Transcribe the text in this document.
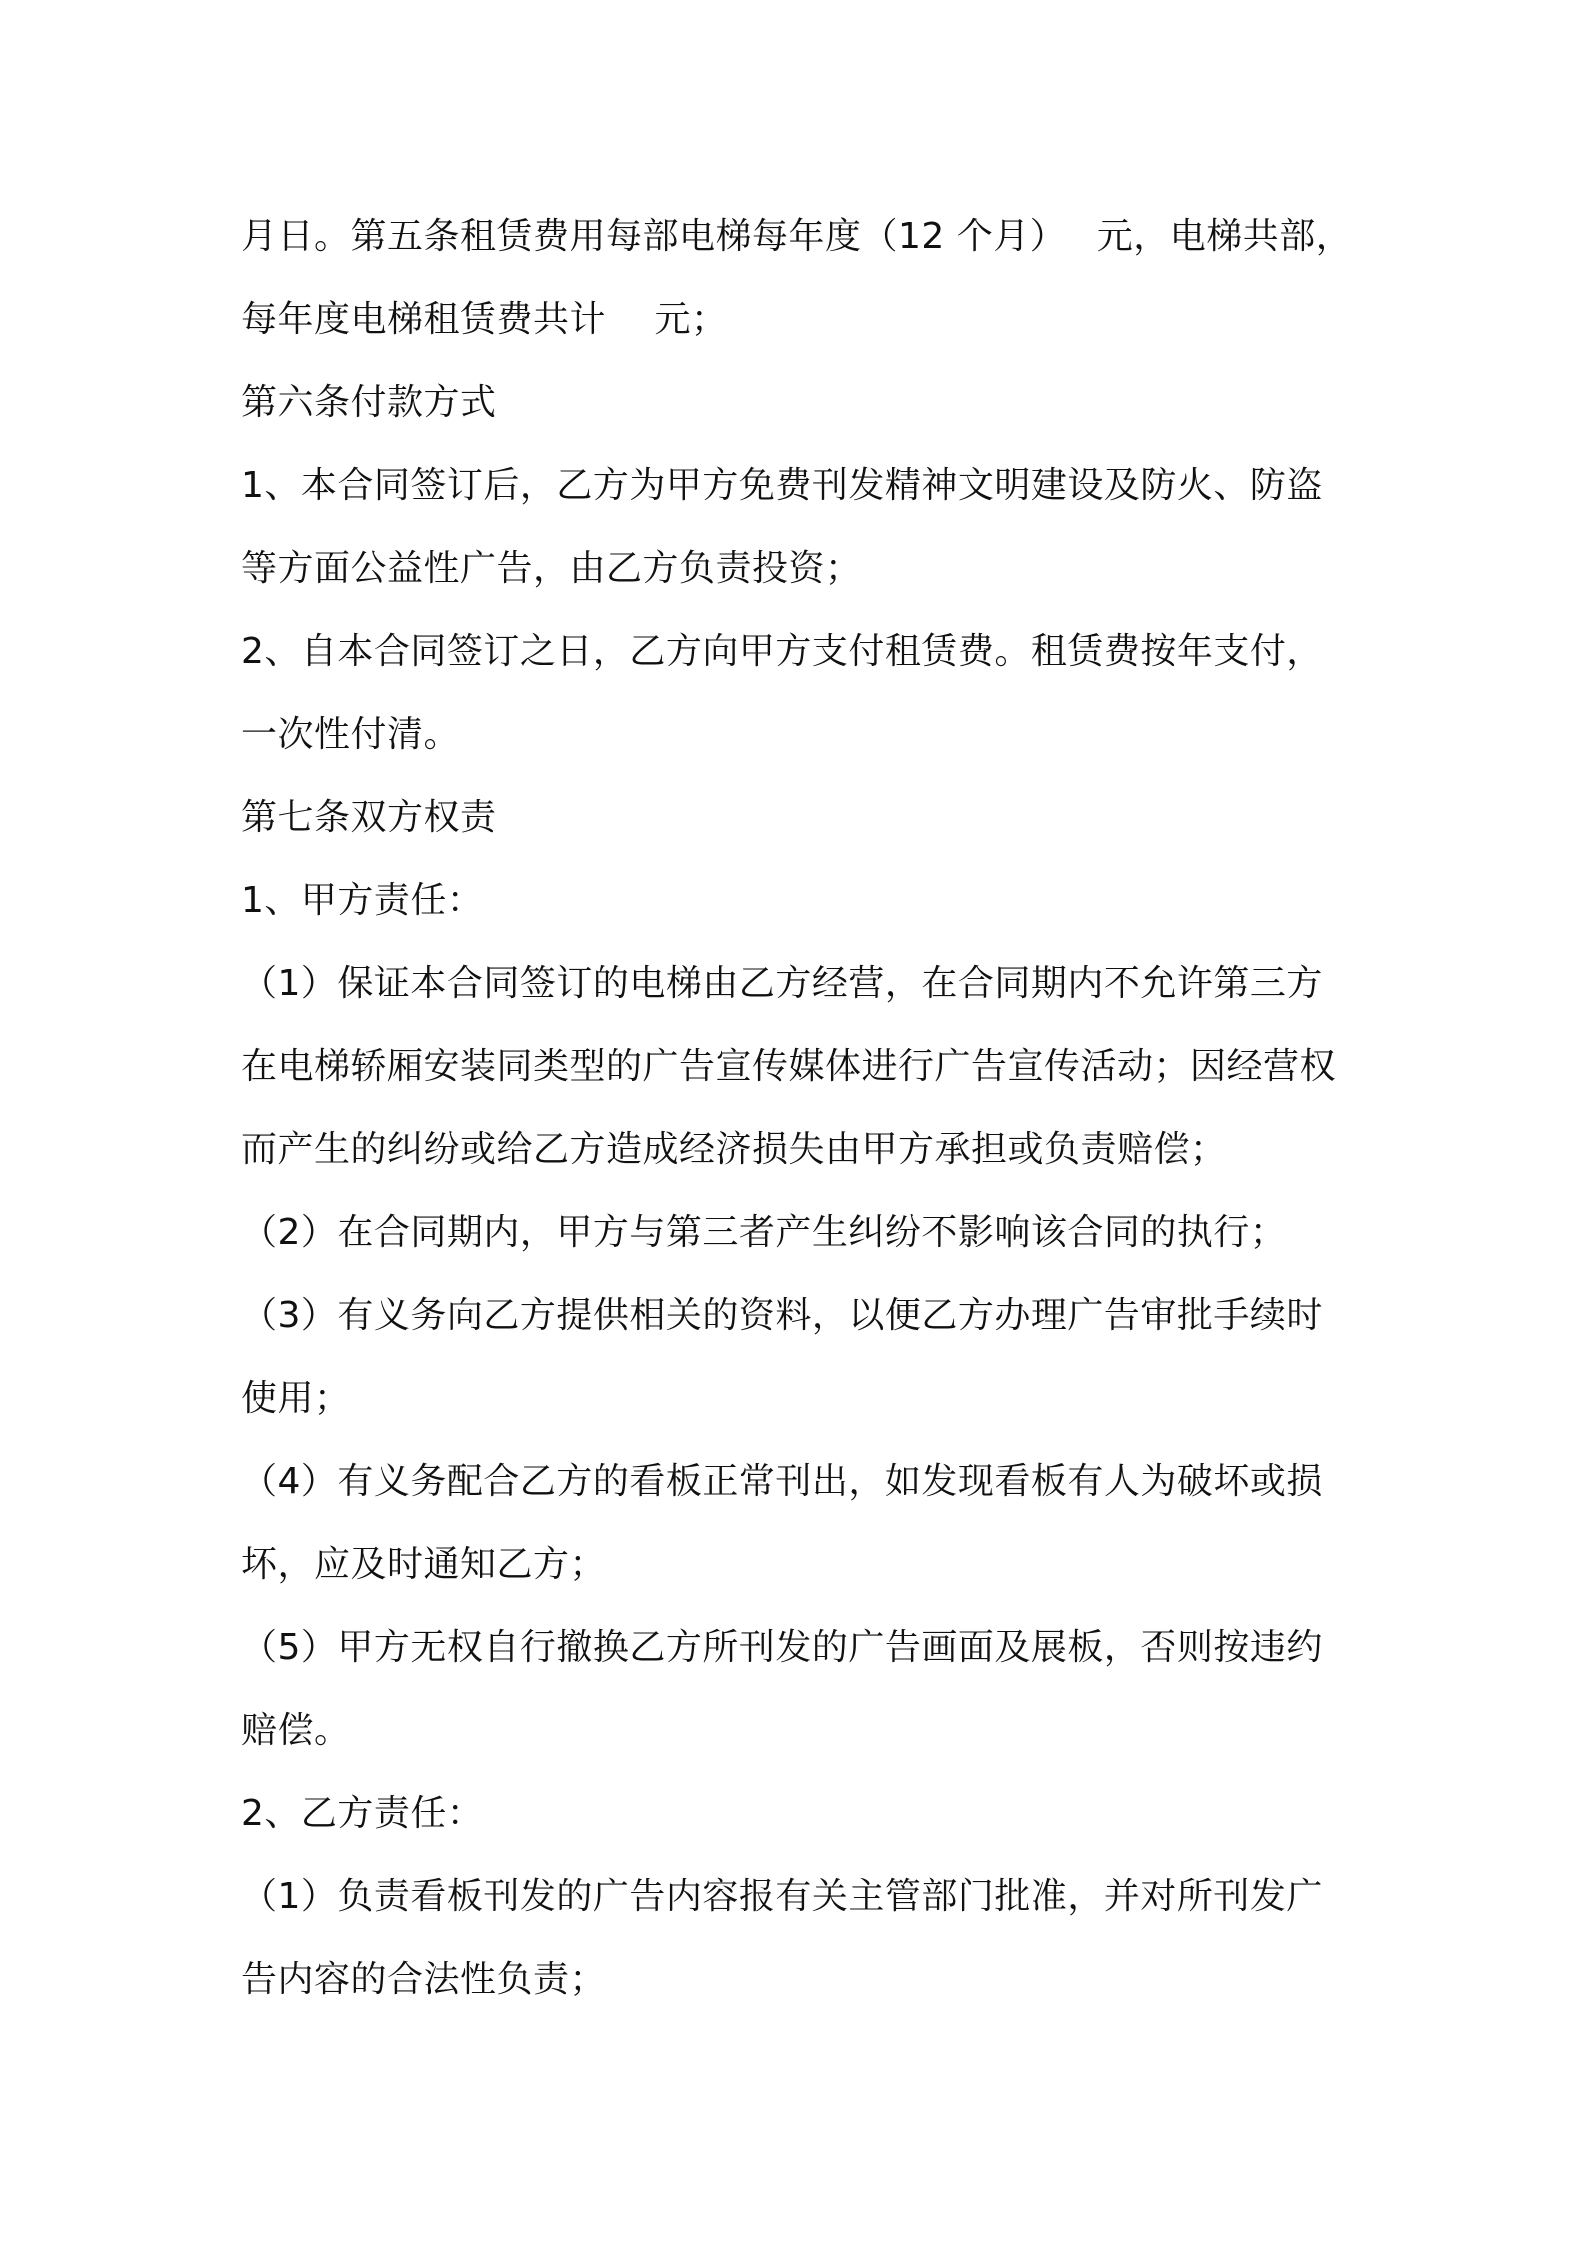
月日。第五条租赁费用每部电梯每年度（12 个月）　 元，电梯共部，
每年度电梯租赁费共计　 元；
第六条付款方式
1、本合同签订后，乙方为甲方免费刊发精神文明建设及防火、防盗
等方面公益性广告，由乙方负责投资；
2、自本合同签订之日，乙方向甲方支付租赁费。租赁费按年支付，
一次性付清。
第七条双方权责
1、甲方责任：
（1）保证本合同签订的电梯由乙方经营，在合同期内不允许第三方
在电梯轿厢安装同类型的广告宣传媒体进行广告宣传活动；因经营权
而产生的纠纷或给乙方造成经济损失由甲方承担或负责赔偿；
（2）在合同期内，甲方与第三者产生纠纷不影响该合同的执行；
（3）有义务向乙方提供相关的资料，以便乙方办理广告审批手续时
使用；
（4）有义务配合乙方的看板正常刊出，如发现看板有人为破坏或损
坏，应及时通知乙方；
（5）甲方无权自行撤换乙方所刊发的广告画面及展板，否则按违约
赔偿。
2、乙方责任：
（1）负责看板刊发的广告内容报有关主管部门批准，并对所刊发广
告内容的合法性负责；
